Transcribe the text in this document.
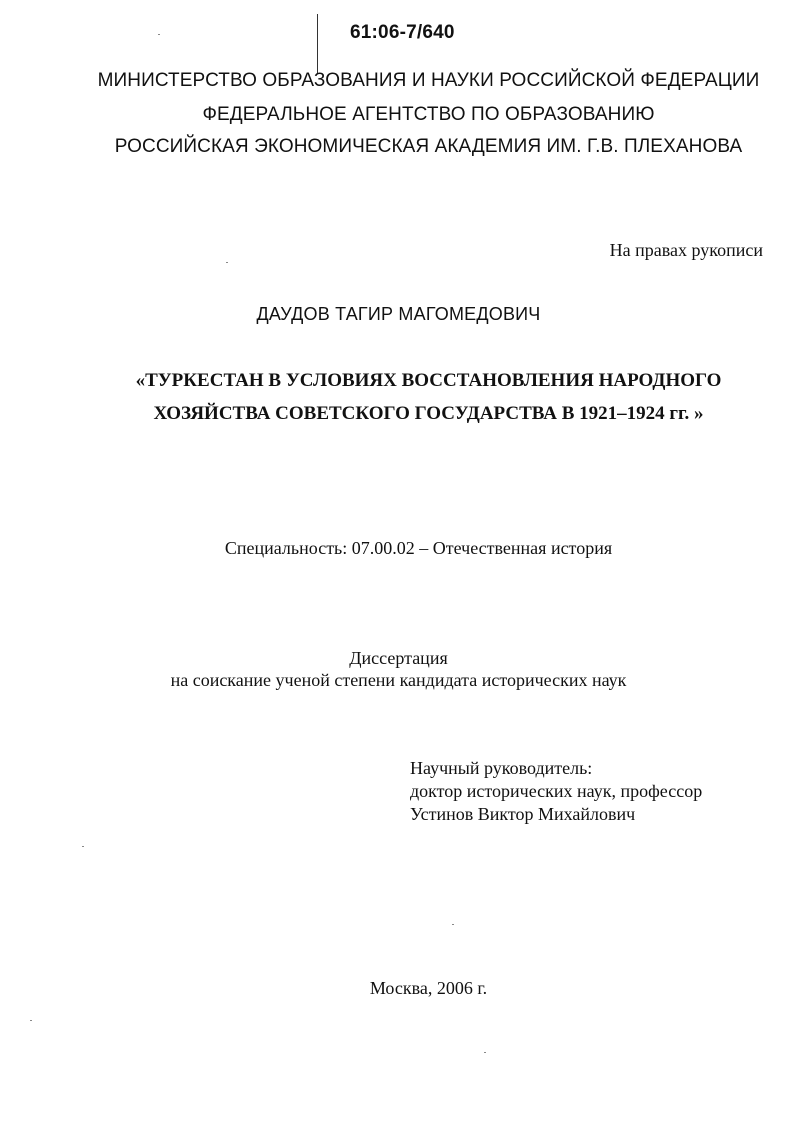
61:06-7/640
МИНИСТЕРСТВО ОБРАЗОВАНИЯ И НАУКИ РОССИЙСКОЙ ФЕДЕРАЦИИ
ФЕДЕРАЛЬНОЕ АГЕНТСТВО ПО ОБРАЗОВАНИЮ
РОССИЙСКАЯ ЭКОНОМИЧЕСКАЯ АКАДЕМИЯ ИМ. Г.В. ПЛЕХАНОВА
На правах рукописи
ДАУДОВ ТАГИР МАГОМЕДОВИЧ
«ТУРКЕСТАН В УСЛОВИЯХ ВОССТАНОВЛЕНИЯ НАРОДНОГО
ХОЗЯЙСТВА СОВЕТСКОГО ГОСУДАРСТВА В 1921–1924 гг. »
Специальность: 07.00.02 – Отечественная история
Диссертация
на соискание ученой степени кандидата исторических наук
Научный руководитель:
доктор исторических наук, профессор
Устинов Виктор Михайлович
Москва, 2006 г.
